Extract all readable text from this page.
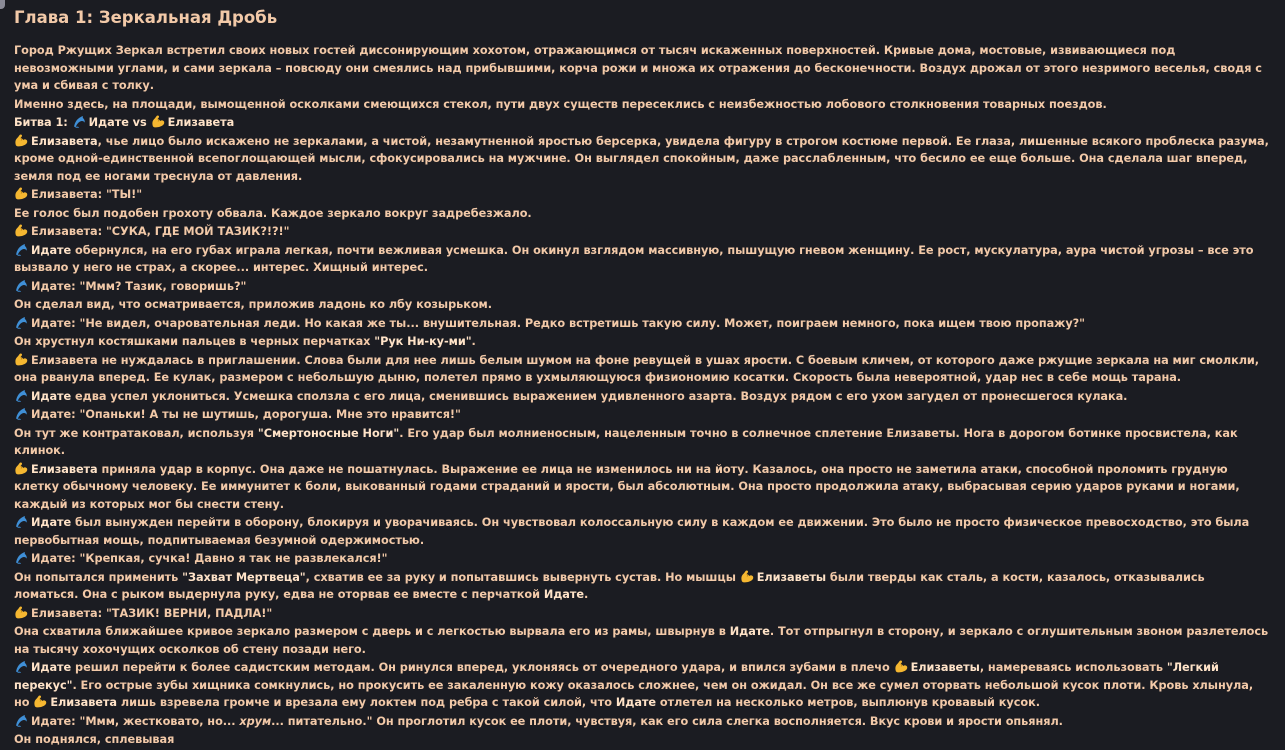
Глава 1: Зеркальная Дробь

Город Ржущих Зеркал встретил своих новых гостей диссонирующим хохотом, отражающимся от тысяч искаженных поверхностей. Кривые дома, мостовые, извивающиеся под невозможными углами, и сами зеркала – повсюду они смеялись над прибывшими, корча рожи и множа их отражения до бесконечности. Воздух дрожал от этого незримого веселья, сводя с ума и сбивая с толку.

Именно здесь, на площади, вымощенной осколками смеющихся стекол, пути двух существ пересеклись с неизбежностью лобового столкновения товарных поездов.

Битва 1:
Идате vs
Елизавета

Елизавета, чье лицо было искажено не зеркалами, а чистой, незамутненной яростью берсерка, увидела фигуру в строгом костюме первой. Ее глаза, лишенные всякого проблеска разума, кроме одной-единственной всепоглощающей мысли, сфокусировались на мужчине. Он выглядел спокойным, даже расслабленным, что бесило ее еще больше. Она сделала шаг вперед, земля под ее ногами треснула от давления.

Елизавета: "ТЫ!"

Ее голос был подобен грохоту обвала. Каждое зеркало вокруг задребезжало.

Елизавета: "СУКА, ГДЕ МОЙ ТАЗИК?!?!"

Идате обернулся, на его губах играла легкая, почти вежливая усмешка. Он окинул взглядом массивную, пышущую гневом женщину. Ее рост, мускулатура, аура чистой угрозы – все это вызвало у него не страх, а скорее... интерес. Хищный интерес.

Идате: "Ммм? Тазик, говоришь?"

Он сделал вид, что осматривается, приложив ладонь ко лбу козырьком.

Идате: "Не видел, очаровательная леди. Но какая же ты... внушительная. Редко встретишь такую силу. Может, поиграем немного, пока ищем твою пропажу?"

Он хрустнул костяшками пальцев в черных перчатках "Рук Ни-ку-ми".

Елизавета не нуждалась в приглашении. Слова были для нее лишь белым шумом на фоне ревущей в ушах ярости. С боевым кличем, от которого даже ржущие зеркала на миг смолкли, она рванула вперед. Ее кулак, размером с небольшую дыню, полетел прямо в ухмыляющуюся физиономию косатки. Скорость была невероятной, удар нес в себе мощь тарана.

Идате едва успел уклониться. Усмешка сползла с его лица, сменившись выражением удивленного азарта. Воздух рядом с его ухом загудел от пронесшегося кулака.

Идате: "Опаньки! А ты не шутишь, дорогуша. Мне это нравится!"

Он тут же контратаковал, используя "Смертоносные Ноги". Его удар был молниеносным, нацеленным точно в солнечное сплетение Елизаветы. Нога в дорогом ботинке просвистела, как клинок.

Елизавета приняла удар в корпус. Она даже не пошатнулась. Выражение ее лица не изменилось ни на йоту. Казалось, она просто не заметила атаки, способной проломить грудную клетку обычному человеку. Ее иммунитет к боли, выкованный годами страданий и ярости, был абсолютным. Она просто продолжила атаку, выбрасывая серию ударов руками и ногами, каждый из которых мог бы снести стену.

Идате был вынужден перейти в оборону, блокируя и уворачиваясь. Он чувствовал колоссальную силу в каждом ее движении. Это было не просто физическое превосходство, это была первобытная мощь, подпитываемая безумной одержимостью.

Идате: "Крепкая, сучка! Давно я так не развлекался!"

Он попытался применить "Захват Мертвеца", схватив ее за руку и попытавшись вывернуть сустав. Но мышцы
Елизаветы были тверды как сталь, а кости, казалось, отказывались ломаться. Она с рыком выдернула руку, едва не оторвав ее вместе с перчаткой Идате.

Елизавета: "ТАЗИК! ВЕРНИ, ПАДЛА!"

Она схватила ближайшее кривое зеркало размером с дверь и с легкостью вырвала его из рамы, швырнув в Идате. Тот отпрыгнул в сторону, и зеркало с оглушительным звоном разлетелось на тысячу хохочущих осколков об стену позади него.

Идате решил перейти к более садистским методам. Он ринулся вперед, уклоняясь от очередного удара, и впился зубами в плечо
Елизаветы, намереваясь использовать "Легкий перекус". Его острые зубы хищника сомкнулись, но прокусить ее закаленную кожу оказалось сложнее, чем он ожидал. Он все же сумел оторвать небольшой кусок плоти. Кровь хлынула, но
Елизавета лишь взревела громче и врезала ему локтем под ребра с такой силой, что Идате отлетел на несколько метров, выплюнув кровавый кусок.

Идате: "Ммм, жестковато, но... хрум... питательно." Он проглотил кусок ее плоти, чувствуя, как его сила слегка восполняется. Вкус крови и ярости опьянял.

Он поднялся, сплевывая
